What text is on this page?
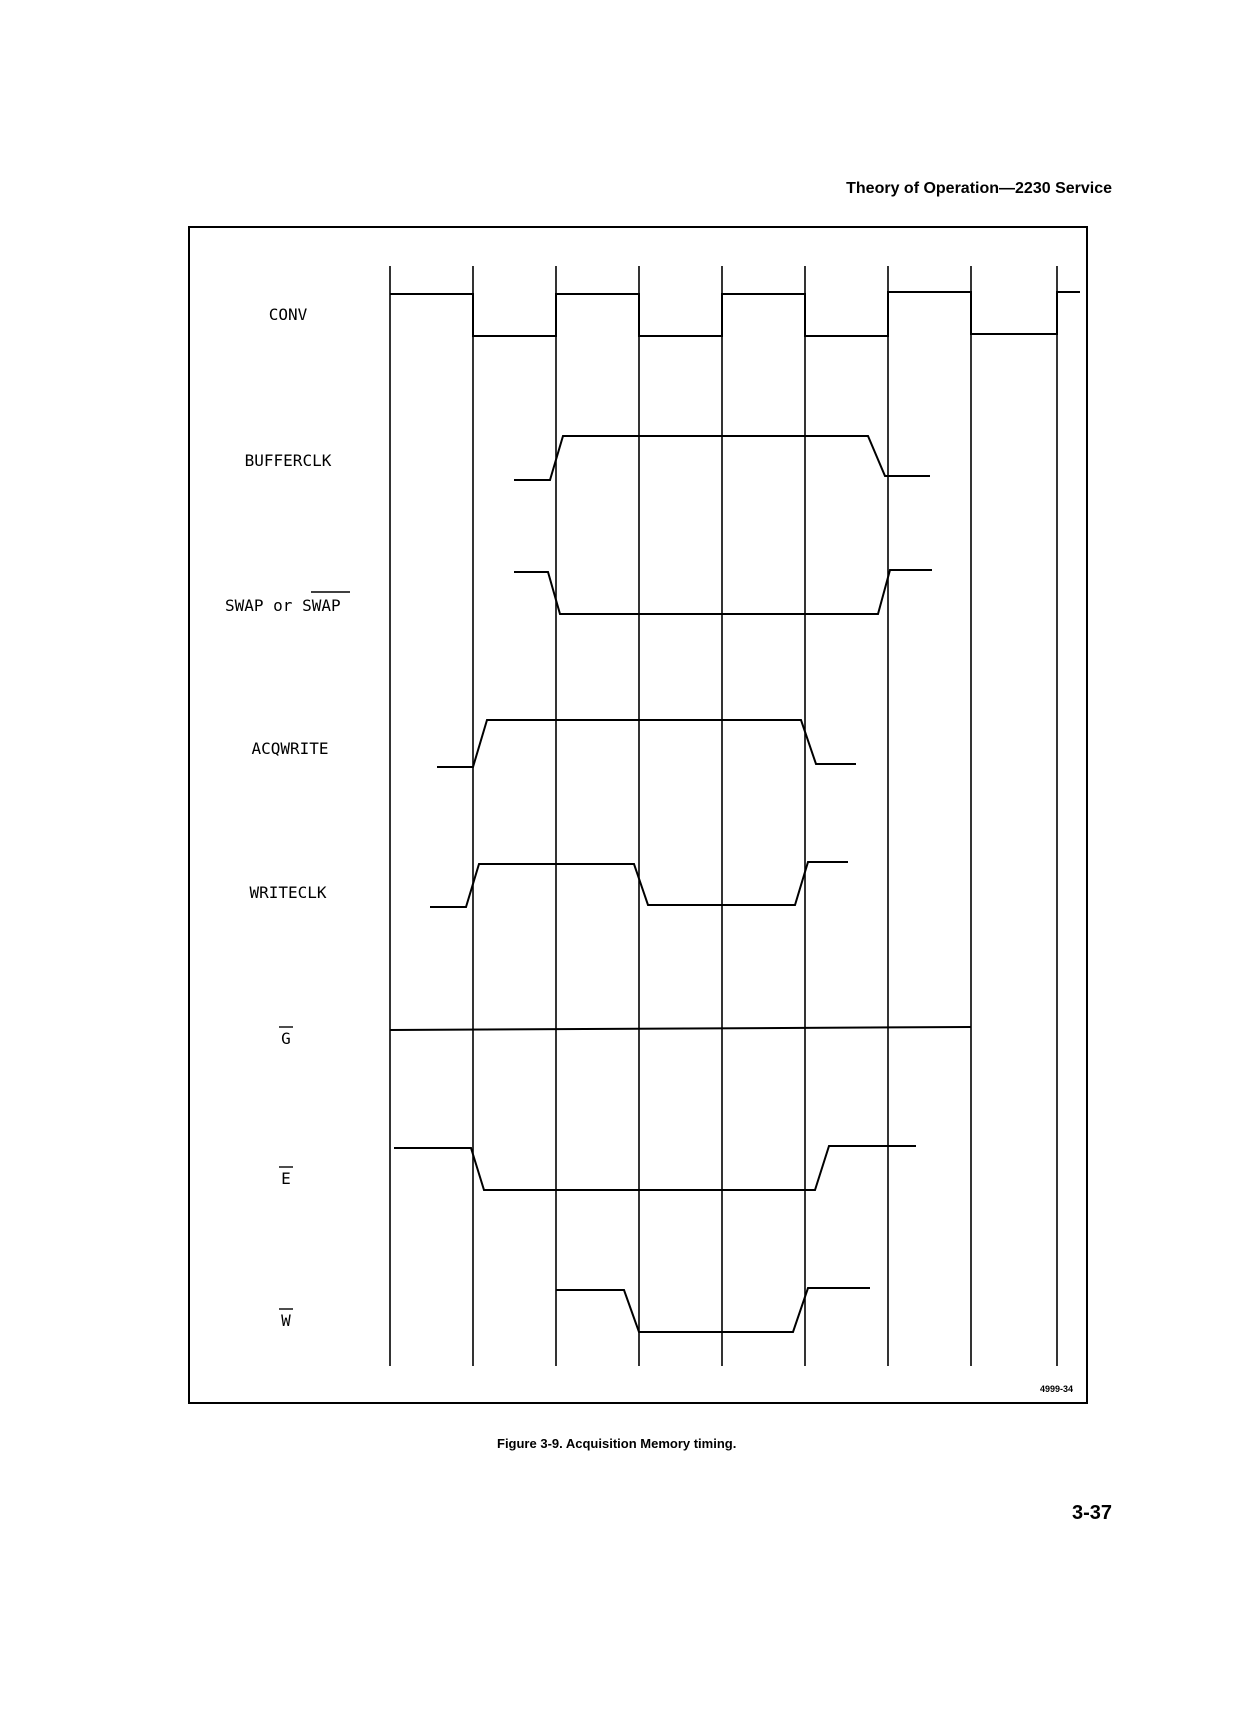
Theory of Operation—2230 Service
CONV
BUFFERCLK
SWAP or SWAP
ACQWRITE
WRITECLK
G
E
W
4999-34
Figure 3-9. Acquisition Memory timing.
3-37
